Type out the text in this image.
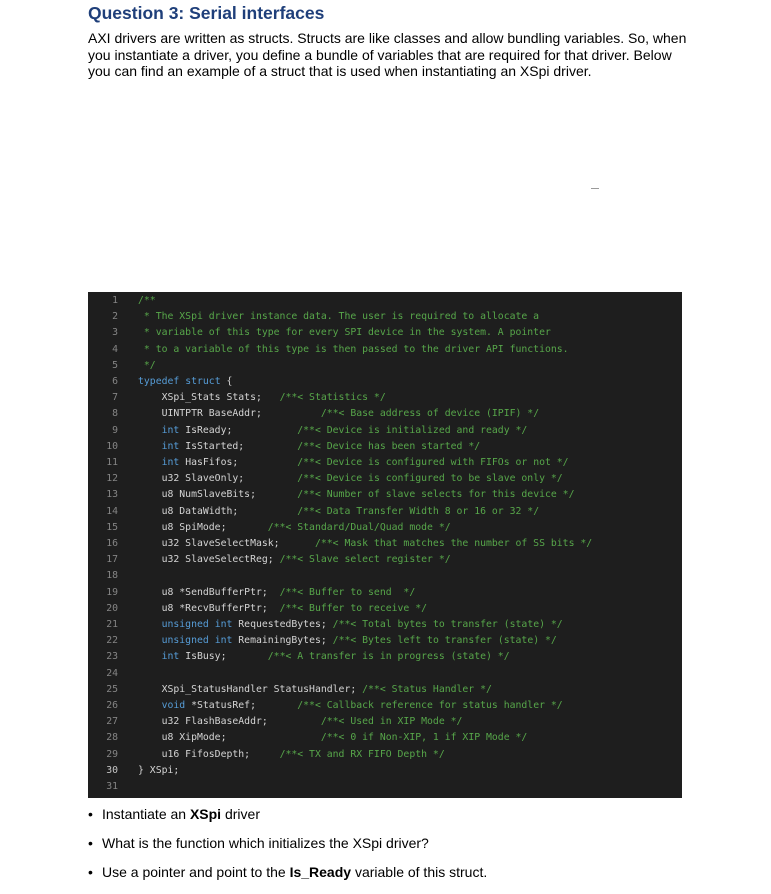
Question 3: Serial interfaces
AXI drivers are written as structs. Structs are like classes and allow bundling variables. So, when you instantiate a driver, you define a bundle of variables that are required for that driver. Below you can find an example of a struct that is used when instantiating an XSpi driver.
1 /**
2 * The XSpi driver instance data. The user is required to allocate a
3 * variable of this type for every SPI device in the system. A pointer
4 * to a variable of this type is then passed to the driver API functions.
5 */
6 typedef struct {
7 XSpi_Stats Stats;   /**< Statistics */
8 UINTPTR BaseAddr;          /**< Base address of device (IPIF) */
9	int IsReady;           /**< Device is initialized and ready */
10	int IsStarted;         /**< Device has been started */
11	int HasFifos;          /**< Device is configured with FIFOs or not */
12 u32 SlaveOnly;         /**< Device is configured to be slave only */
13 u8 NumSlaveBits;       /**< Number of slave selects for this device */
14 u8 DataWidth;          /**< Data Transfer Width 8 or 16 or 32 */
15 u8 SpiMode;       /**< Standard/Dual/Quad mode */
16 u32 SlaveSelectMask;      /**< Mask that matches the number of SS bits */
17 u32 SlaveSelectReg; /**< Slave select register */
18
19 u8 *SendBufferPtr;  /**< Buffer to send  */
20 u8 *RecvBufferPtr;  /**< Buffer to receive */
21	unsigned int RequestedBytes; /**< Total bytes to transfer (state) */
22	unsigned int RemainingBytes; /**< Bytes left to transfer (state) */
23	int IsBusy;       /**< A transfer is in progress (state) */
24
25 XSpi_StatusHandler StatusHandler; /**< Status Handler */
26	void *StatusRef;       /**< Callback reference for status handler */
27 u32 FlashBaseAddr;         /**< Used in XIP Mode */
28 u8 XipMode;                /**< 0 if Non-XIP, 1 if XIP Mode */
29 u16 FifosDepth;     /**< TX and RX FIFO Depth */
30 } XSpi;
31
• Instantiate an XSpi driver
• What is the function which initializes the XSpi driver?
• Use a pointer and point to the Is_Ready variable of this struct.
